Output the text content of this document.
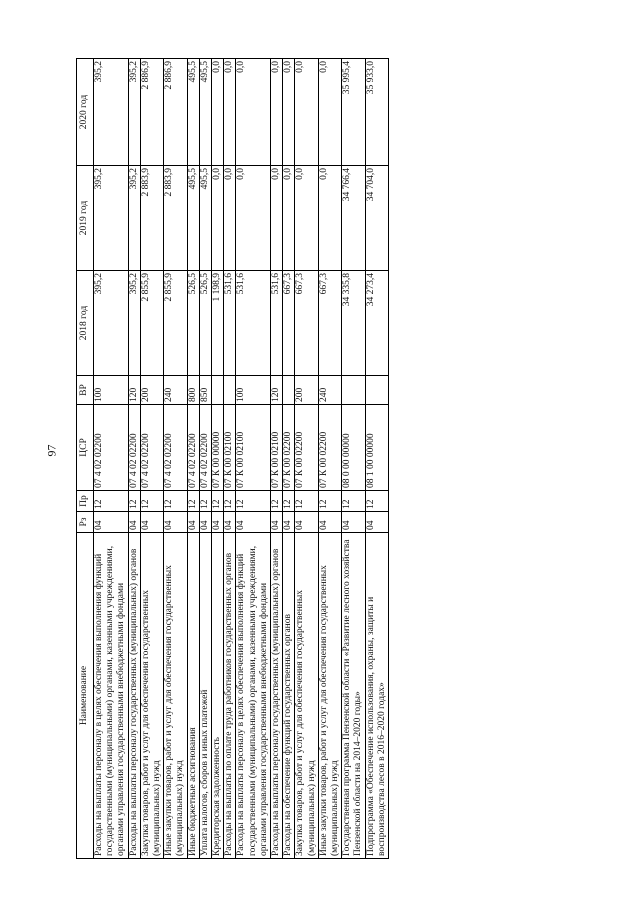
97
Наименование	Рз	Пр	ЦСР	ВР	2018 год	2019 год	2020 год
Расходы на выплаты персоналу в целях обеспечения выполнения функций государственными (муниципальными) органами, казенными учреждениями, органами управления государственными внебюджетными фондами	04	12	07 4 02 02200	100	395,2	395,2	395,2
Расходы на выплаты персоналу государственных (муниципальных) органов	04	12	07 4 02 02200	120	395,2	395,2	395,2
Закупка товаров, работ и услуг для обеспечения государственных (муниципальных) нужд	04	12	07 4 02 02200	200	2 855,9	2 883,9	2 886,9
Иные закупки товаров, работ и услуг для обеспечения государственных (муниципальных) нужд	04	12	07 4 02 02200	240	2 855,9	2 883,9	2 886,9
Иные бюджетные ассигнования	04	12	07 4 02 02200	800	526,5	495,5	495,5
Уплата налогов, сборов и иных платежей	04	12	07 4 02 02200	850	526,5	495,5	495,5
Кредиторская задолженность	04	12	07 К 00 00000		1 198,9	0,0	0,0
Расходы на выплаты по оплате труда работников государственных органов	04	12	07 К 00 02100		531,6	0,0	0,0
Расходы на выплаты персоналу в целях обеспечения выполнения функций государственными (муниципальными) органами, казенными учреждениями, органами управления государственными внебюджетными фондами	04	12	07 К 00 02100	100	531,6	0,0	0,0
Расходы на выплаты персоналу государственных (муниципальных) органов	04	12	07 К 00 02100	120	531,6	0,0	0,0
Расходы на обеспечение функций государственных органов	04	12	07 К 00 02200		667,3	0,0	0,0
Закупка товаров, работ и услуг для обеспечения государственных (муниципальных) нужд	04	12	07 К 00 02200	200	667,3	0,0	0,0
Иные закупки товаров, работ и услуг для обеспечения государственных (муниципальных) нужд	04	12	07 К 00 02200	240	667,3	0,0	0,0
Государственная программа Пензенской области «Развитие лесного хозяйства Пензенской области на 2014–2020 годы»	04	12	08 0 00 00000		34 335,8	34 766,4	35 995,4
Подпрограмма «Обеспечение использования, охраны, защиты и воспроизводства лесов в 2016–2020 годах»	04	12	08 1 00 00000		34 273,4	34 704,0	35 933,0
